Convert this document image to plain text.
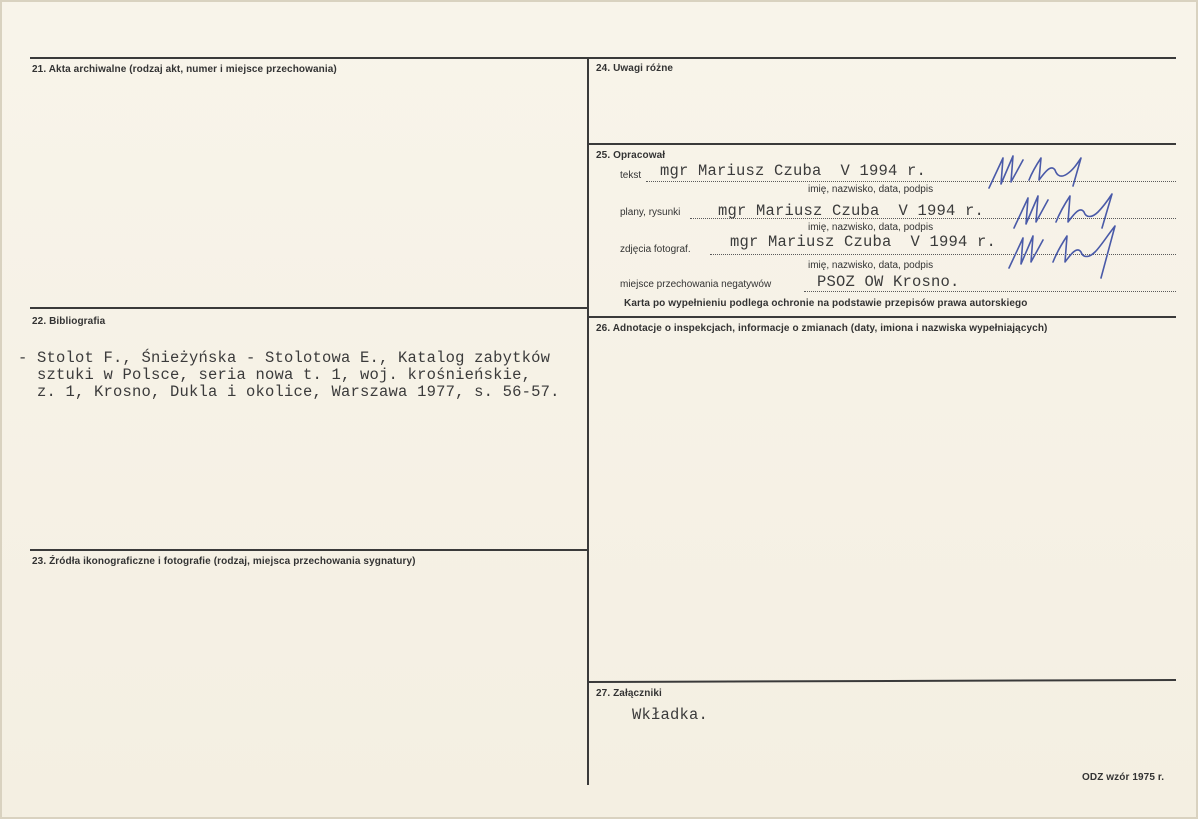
21. Akta archiwalne (rodzaj akt, numer i miejsce przechowania)
22. Bibliografia
- Stolot F., Śnieżyńska - Stolotowa E., Katalog zabytków
sztuki w Polsce, seria nowa t. 1, woj. krośnieńskie,
z. 1, Krosno, Dukla i okolice, Warszawa 1977, s. 56-57.
23. Źródła ikonograficzne i fotografie (rodzaj, miejsca przechowania sygnatury)
24. Uwagi różne
25. Opracował
tekst mgr Mariusz Czuba  V 1994 r.
imię, nazwisko, data, podpis
plany, rysunki mgr Mariusz Czuba  V 1994 r.
imię, nazwisko, data, podpis
zdjęcia fotograf.	mgr Mariusz Czuba  V 1994 r.
imię, nazwisko, data, podpis
miejsce przechowania negatywów	PSOZ OW Krosno.
Karta po wypełnieniu podlega ochronie na podstawie przepisów prawa autorskiego
26. Adnotacje o inspekcjach, informacje o zmianach (daty, imiona i nazwiska wypełniających)
27. Załączniki
Wkładka.
ODZ wzór 1975 r.
